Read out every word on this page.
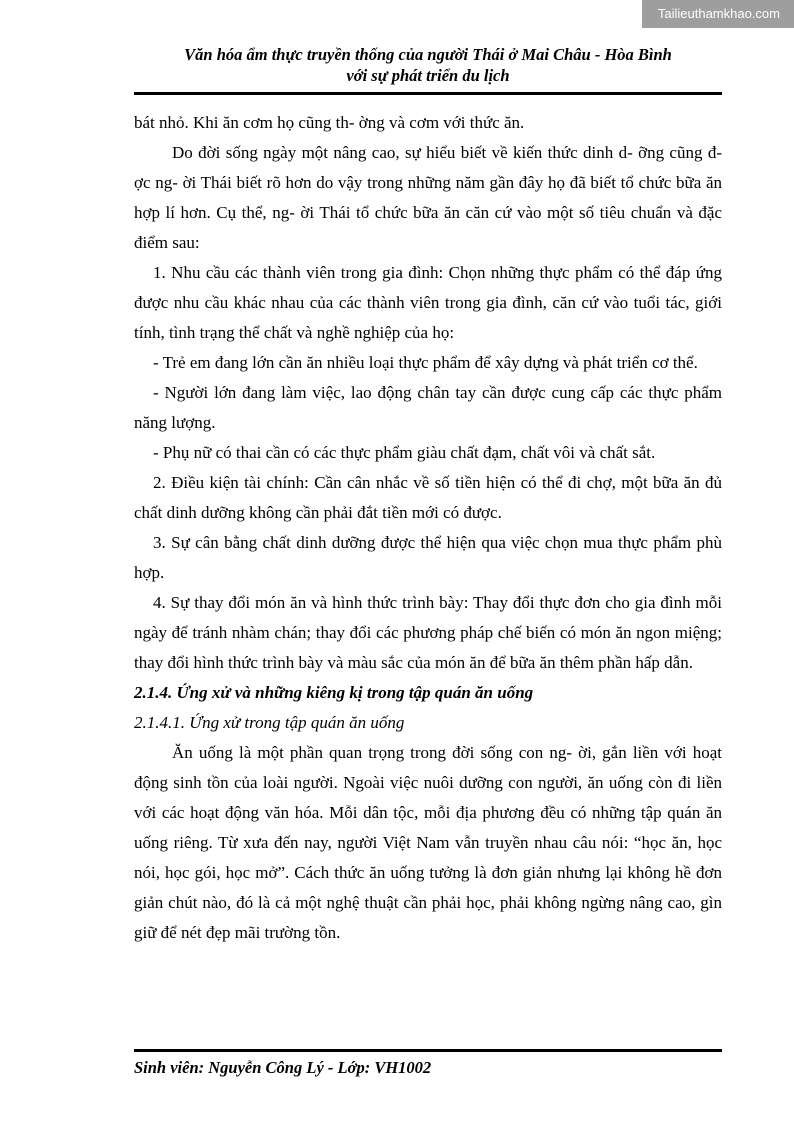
Tailieuthamkhao.com
Văn hóa ẩm thực truyền thống của người Thái ở Mai Châu - Hòa Bình
với sự phát triển du lịch

bát nhỏ. Khi ăn cơm họ cũng th- ờng và cơm với thức ăn.

Do đời sống ngày một nâng cao, sự hiểu biết về kiến thức dinh d- ỡng cũng đ- ợc ng- ời Thái biết rõ hơn do vậy trong những năm gần đây họ đã biết tổ chức bữa ăn hợp lí hơn. Cụ thể, ng- ời Thái tổ chức bữa ăn căn cứ vào một số tiêu chuẩn và đặc điểm sau:

1. Nhu cầu các thành viên trong gia đình: Chọn những thực phẩm có thể đáp ứng được nhu cầu khác nhau của các thành viên trong gia đình, căn cứ vào tuổi tác, giới tính, tình trạng thể chất và nghề nghiệp của họ:

- Trẻ em đang lớn cần ăn nhiều loại thực phẩm để xây dựng và phát triển cơ thể.

- Người lớn đang làm việc, lao động chân tay cần được cung cấp các thực phẩm năng lượng.

- Phụ nữ có thai cần có các thực phẩm giàu chất đạm, chất vôi và chất sắt.

2. Điều kiện tài chính: Cần cân nhắc về số tiền hiện có thể đi chợ, một bữa ăn đủ chất dinh dưỡng không cần phải đắt tiền mới có được.

3. Sự cân bằng chất dinh dưỡng được thể hiện qua việc chọn mua thực phẩm phù hợp.

4. Sự thay đổi món ăn và hình thức trình bày: Thay đổi thực đơn cho gia đình mỗi ngày để tránh nhàm chán; thay đổi các phương pháp chế biến có món ăn ngon miệng; thay đổi hình thức trình bày và màu sắc của món ăn để bữa ăn thêm phần hấp dẫn.

2.1.4. Ứng xử và những kiêng kị trong tập quán ăn uống

2.1.4.1. Ứng xử trong tập quán ăn uống

Ăn uống là một phần quan trọng trong đời sống con ng- ời, gắn liền với hoạt động sinh tồn của loài người. Ngoài việc nuôi dưỡng con người, ăn uống còn đi liền với các hoạt động văn hóa. Mỗi dân tộc, mỗi địa phương đều có những tập quán ăn uống riêng. Từ xưa đến nay, người Việt Nam vẫn truyền nhau câu nói: “học ăn, học nói, học gói, học mở”. Cách thức ăn uống tưởng là đơn giản nhưng lại không hề đơn giản chút nào, đó là cả một nghệ thuật cần phải học, phải không ngừng nâng cao, gìn giữ để nét đẹp mãi trường tồn.

Sinh viên: Nguyễn Công Lý - Lớp: VH1002
